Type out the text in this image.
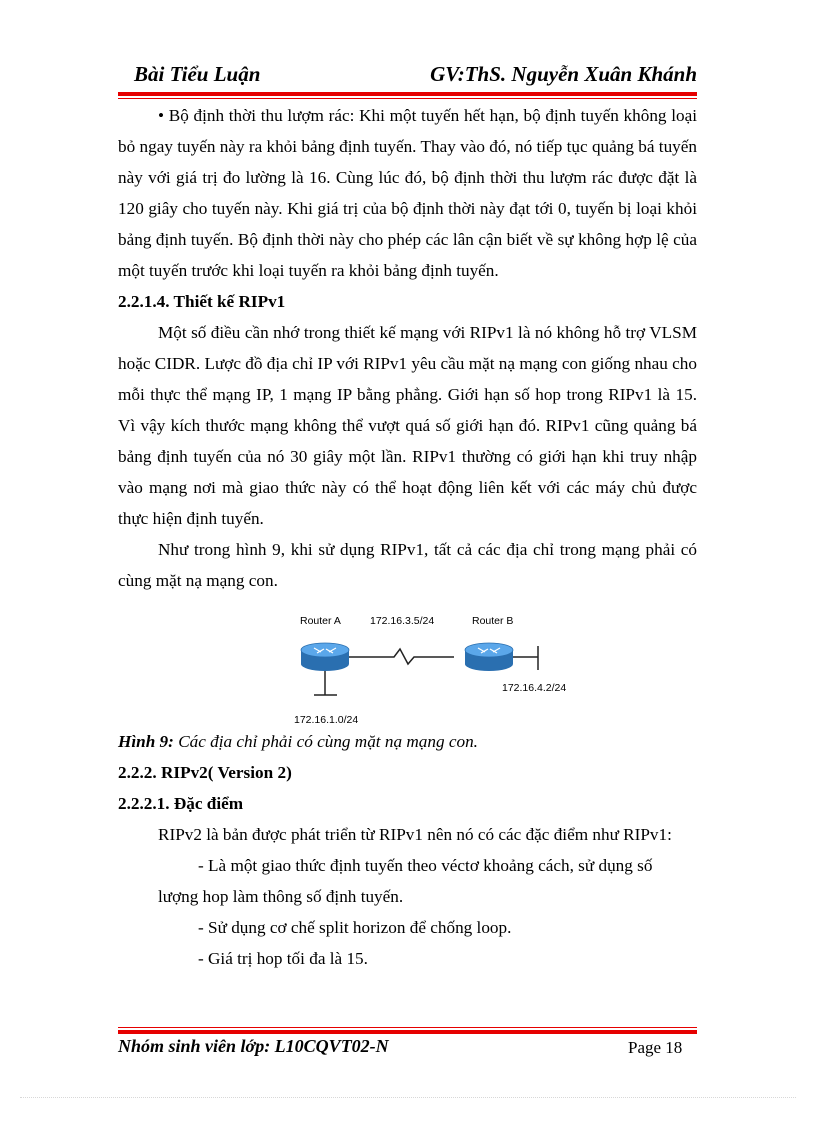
Bài Tiểu Luận	GV:ThS. Nguyễn Xuân Khánh

• Bộ định thời thu lượm rác: Khi một tuyến hết hạn, bộ định tuyến không loại bỏ ngay tuyến này ra khỏi bảng định tuyến. Thay vào đó, nó tiếp tục quảng bá tuyến này với giá trị đo lường là 16. Cùng lúc đó, bộ định thời thu lượm rác được đặt là 120 giây cho tuyến này. Khi giá trị của bộ định thời này đạt tới 0, tuyến bị loại khỏi bảng định tuyến. Bộ định thời này cho phép các lân cận biết về sự không hợp lệ của một tuyến trước khi loại tuyến ra khỏi bảng định tuyến.

2.2.1.4. Thiết kế RIPv1

Một số điều cần nhớ trong thiết kế mạng với RIPv1 là nó không hỗ trợ VLSM hoặc CIDR. Lược đồ địa chỉ IP với RIPv1 yêu cầu mặt nạ mạng con giống nhau cho mỗi thực thể mạng IP, 1 mạng IP bằng phẳng. Giới hạn số hop trong RIPv1 là 15. Vì vậy kích thước mạng không thể vượt quá số giới hạn đó. RIPv1 cũng quảng bá bảng định tuyến của nó 30 giây một lần. RIPv1 thường có giới hạn khi truy nhập vào mạng nơi mà giao thức này có thể hoạt động liên kết với các máy chủ được thực hiện định tuyến.

Như trong hình 9, khi sử dụng RIPv1, tất cả các địa chỉ trong mạng phải có cùng mặt nạ mạng con.

Router A	172.16.3.5/24	Router B
172.16.4.2/24
172.16.1.0/24

Hình 9: Các địa chỉ phải có cùng mặt nạ mạng con.

2.2.2. RIPv2( Version 2)

2.2.2.1. Đặc điểm

RIPv2 là bản được phát triển từ RIPv1 nên nó có các đặc điểm như RIPv1:

- Là một giao thức định tuyến theo véctơ khoảng cách, sử dụng số

lượng hop làm thông số định tuyến.

- Sử dụng cơ chế split horizon để chống loop.

- Giá trị hop tối đa là 15.

Nhóm sinh viên lớp: L10CQVT02-N	Page 18
